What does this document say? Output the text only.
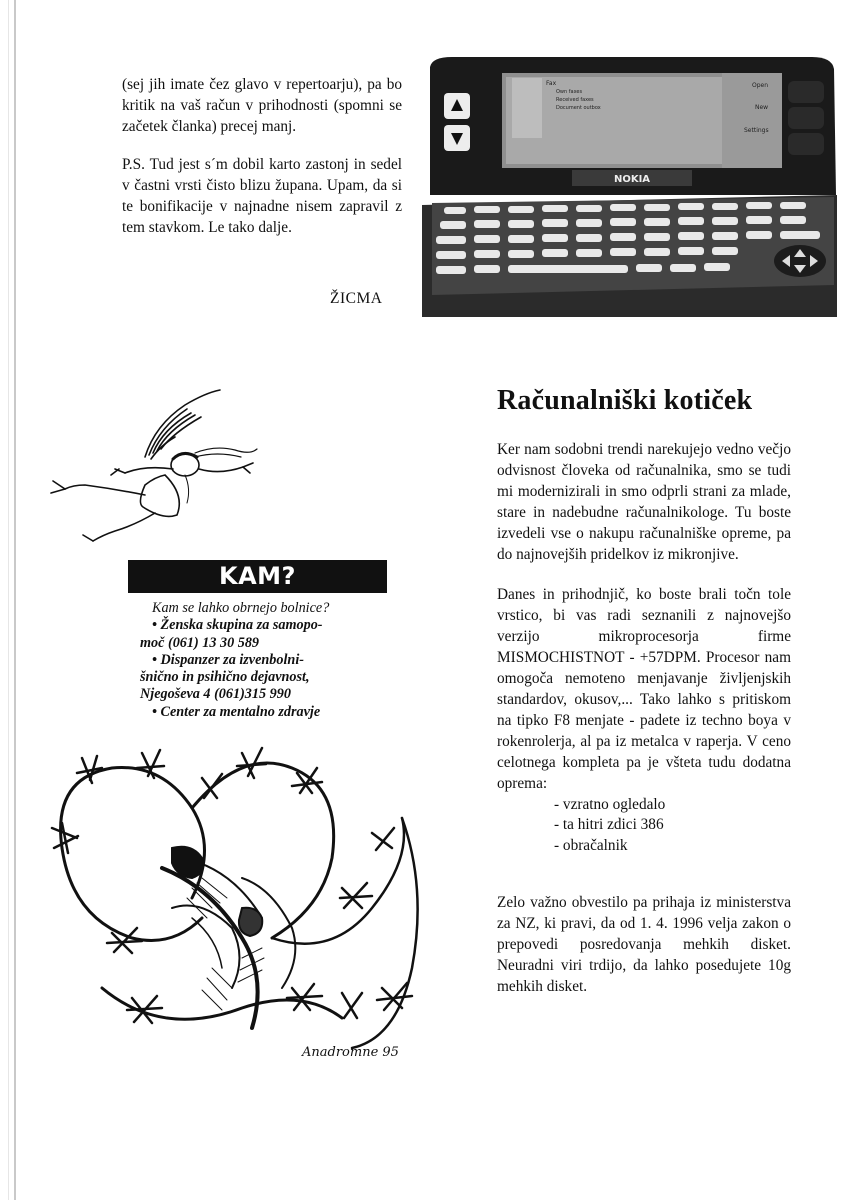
(sej jih imate čez glavo v repertoarju), pa bo kritik na vaš račun v prihodnosti (spomni se začetek članka) precej manj.

P.S. Tud jest s´m dobil karto zastonj in sedel v častni vrsti čisto blizu župana. Upam, da si te bonifikacije v najnadne nisem zapravil z tem stavkom. Le tako dalje.

ŽICMA
Fax
Own faxes
Received faxes
Document outbox
Open
New
Settings
NOKIA
Računalniški kotiček

Ker nam sodobni trendi narekujejo vedno večjo odvisnost človeka od računalnika, smo se tudi mi modernizirali in smo odprli strani za mlade, stare in nadebudne računalnikologe. Tu boste izvedeli vse o nakupu računalniške opreme, pa do najnovejših pridelkov iz mikronjive.

Danes in prihodnjič, ko boste brali točn tole vrstico, bi vas radi seznanili z najnovejšo verzijo mikroprocesorja firme MISMOCHISTNOT - +57DPM. Procesor nam omogoča nemoteno menjavanje življenjskih standardov, okusov,... Tako lahko s pritiskom na tipko F8 menjate - padete iz techno boya v rokenrolerja, al pa iz metalca v raperja. V ceno celotnega kompleta pa je všteta tudu dodatna oprema:

- vzratno ogledalo
- ta hitri zdici 386
- obračalnik

Zelo važno obvestilo pa prihaja iz ministerstva za NZ, ki pravi, da od 1. 4. 1996 velja zakon o prepovedi posredovanja mehkih disket. Neuradni viri trdijo, da lahko posedujete 10g mehkih disket.

KAM?
Kam se lahko obrnejo bolnice?
• Ženska skupina za samopo-
moč (061) 13 30 589
• Dispanzer za izvenbolni-
šnično in psihično dejavnost,
Njegoševa 4 (061)315 990
• Center za mentalno zdravje
Anadromne 95
